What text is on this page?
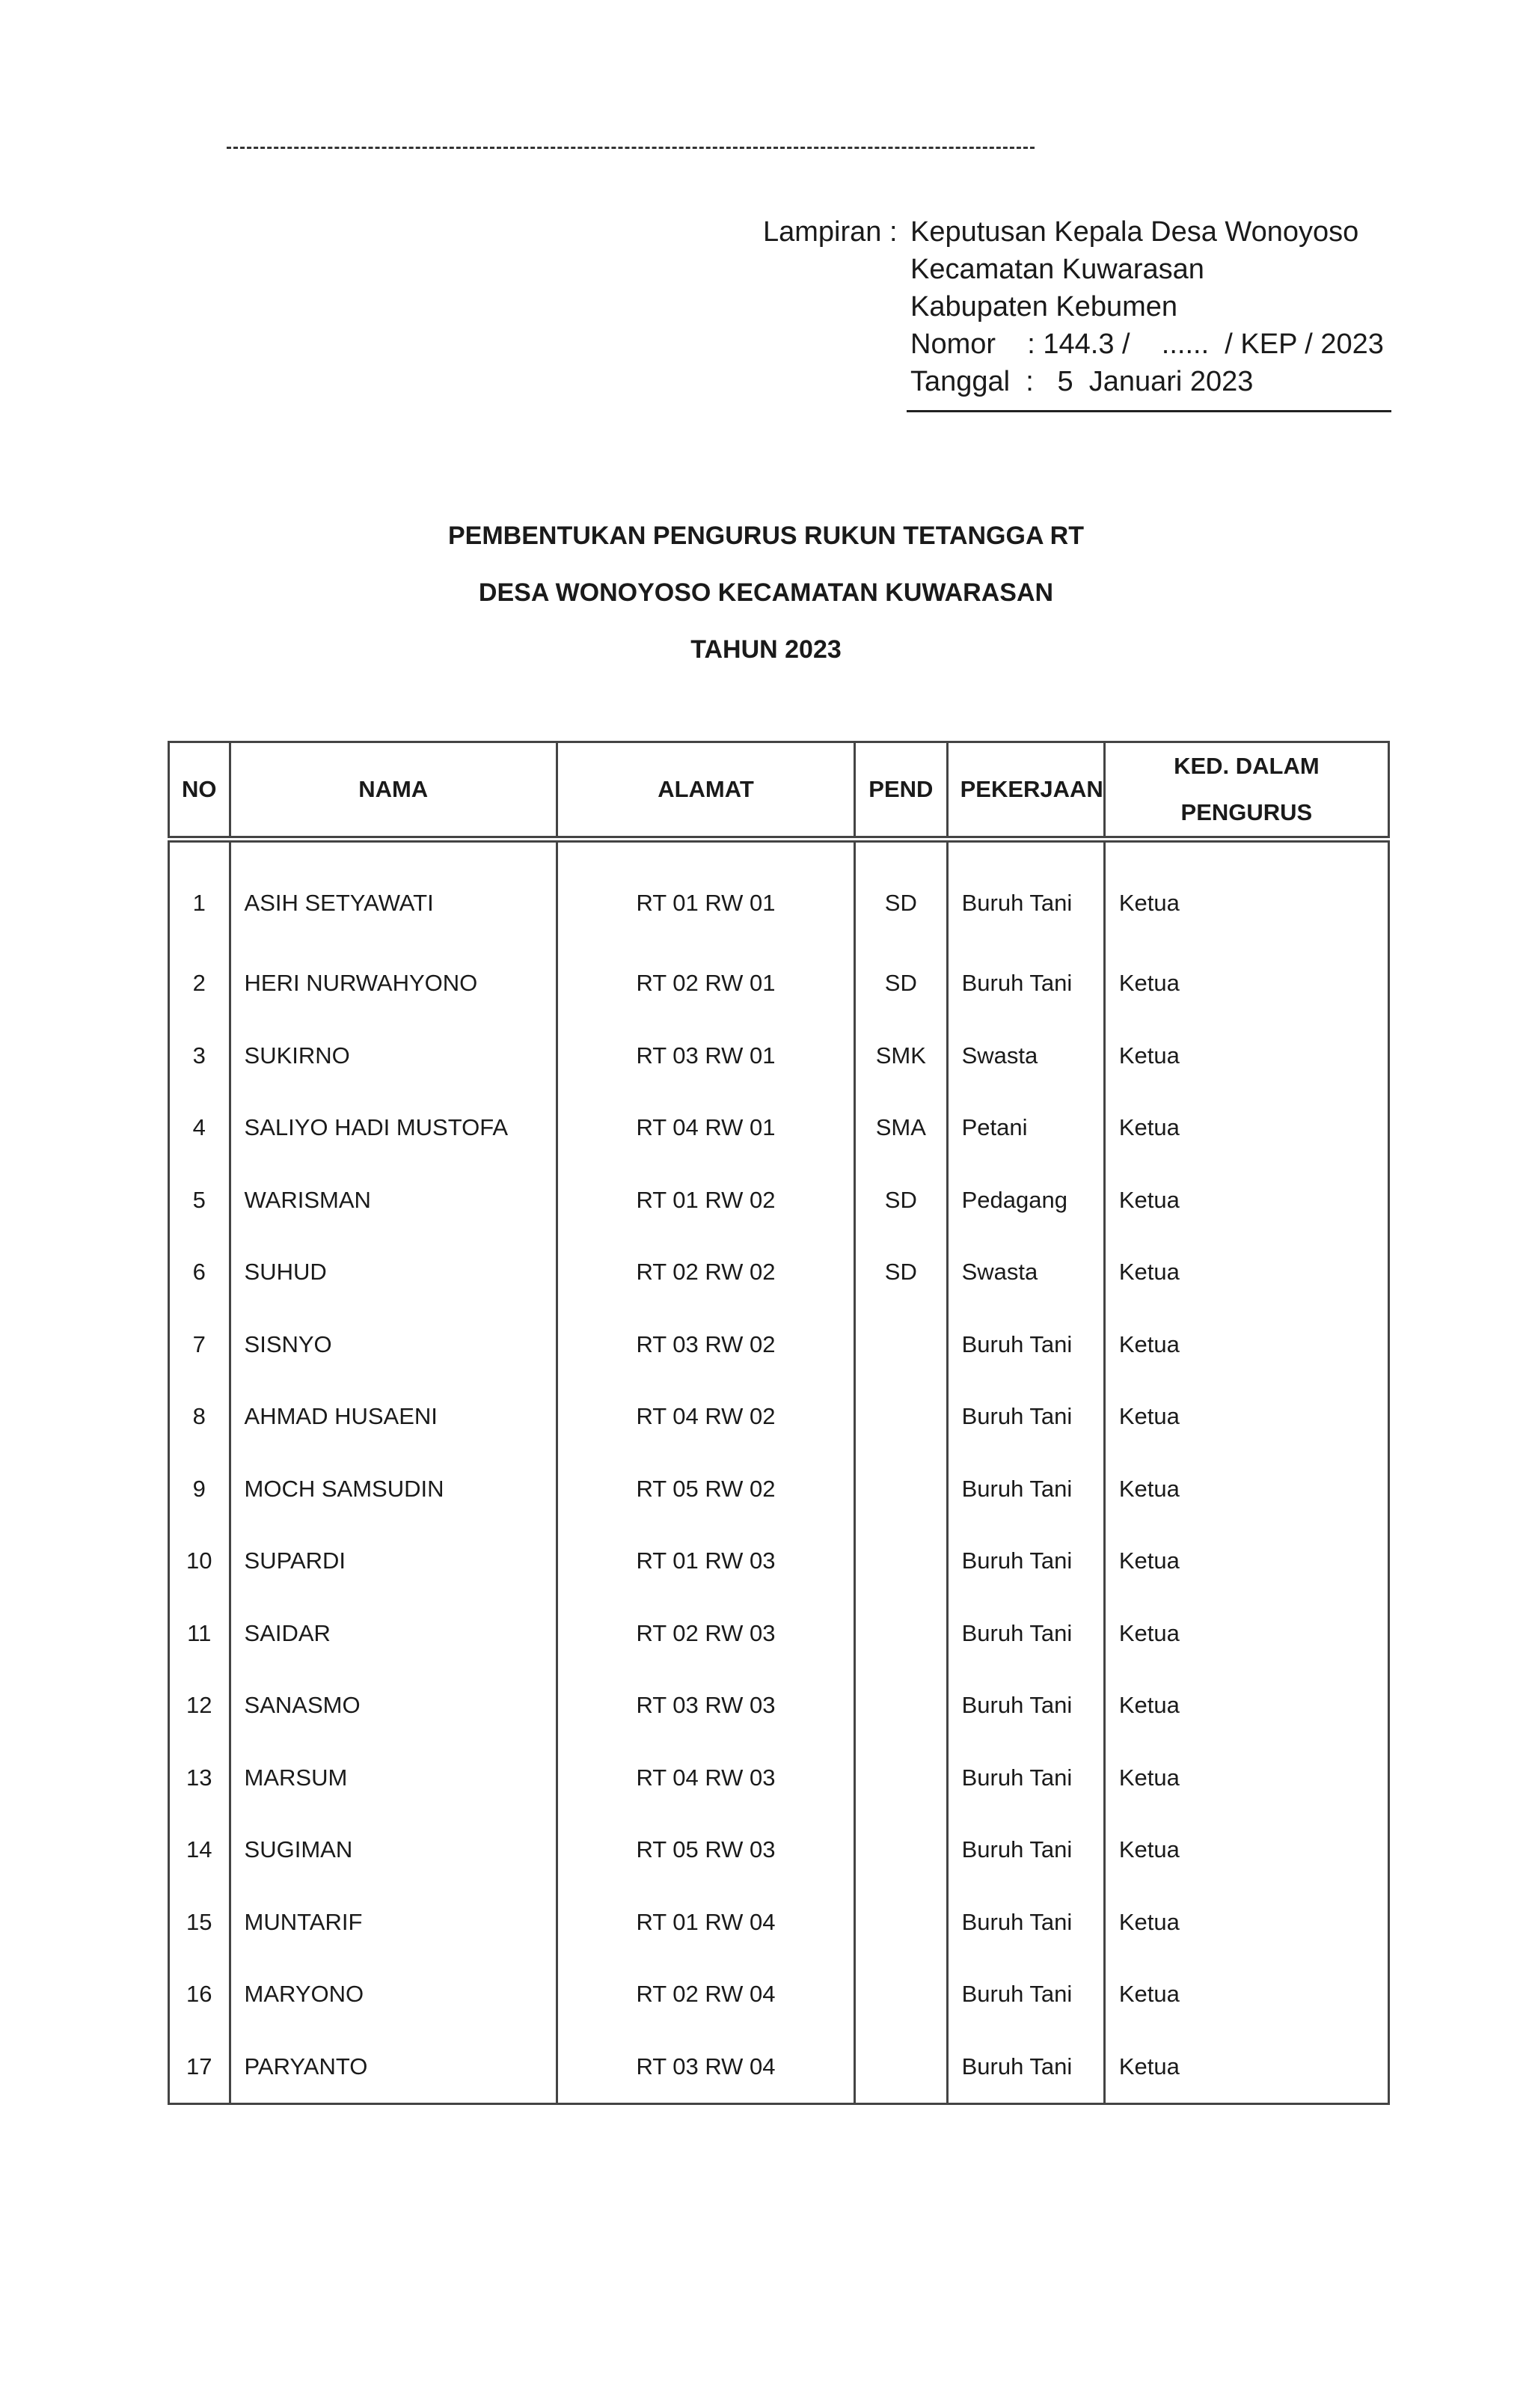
Lampiran : Keputusan Kepala Desa Wonoyoso
Kecamatan Kuwarasan
Kabupaten Kebumen
Nomor    : 144.3 /    ......  / KEP / 2023
Tanggal  :   5  Januari 2023
PEMBENTUKAN PENGURUS RUKUN TETANGGA RT
DESA WONOYOSO KECAMATAN KUWARASAN
TAHUN 2023
NO	NAMA	ALAMAT	PEND	PEKERJAAN	KED. DALAM
PENGURUS

1	ASIH SETYAWATI	RT 01 RW 01	SD	Buruh Tani	Ketua
2	HERI NURWAHYONO	RT 02 RW 01	SD	Buruh Tani	Ketua
3	SUKIRNO	RT 03 RW 01	SMK	Swasta	Ketua
4	SALIYO HADI MUSTOFA	RT 04 RW 01	SMA	Petani	Ketua
5	WARISMAN	RT 01 RW 02	SD	Pedagang	Ketua
6	SUHUD	RT 02 RW 02	SD	Swasta	Ketua
7	SISNYO	RT 03 RW 02		Buruh Tani	Ketua
8	AHMAD HUSAENI	RT 04 RW 02		Buruh Tani	Ketua
9	MOCH SAMSUDIN	RT 05 RW 02		Buruh Tani	Ketua
10	SUPARDI	RT 01 RW 03		Buruh Tani	Ketua
11	SAIDAR	RT 02 RW 03		Buruh Tani	Ketua
12	SANASMO	RT 03 RW 03		Buruh Tani	Ketua
13	MARSUM	RT 04 RW 03		Buruh Tani	Ketua
14	SUGIMAN	RT 05 RW 03		Buruh Tani	Ketua
15	MUNTARIF	RT 01 RW 04		Buruh Tani	Ketua
16	MARYONO	RT 02 RW 04		Buruh Tani	Ketua
17	PARYANTO	RT 03 RW 04		Buruh Tani	Ketua
